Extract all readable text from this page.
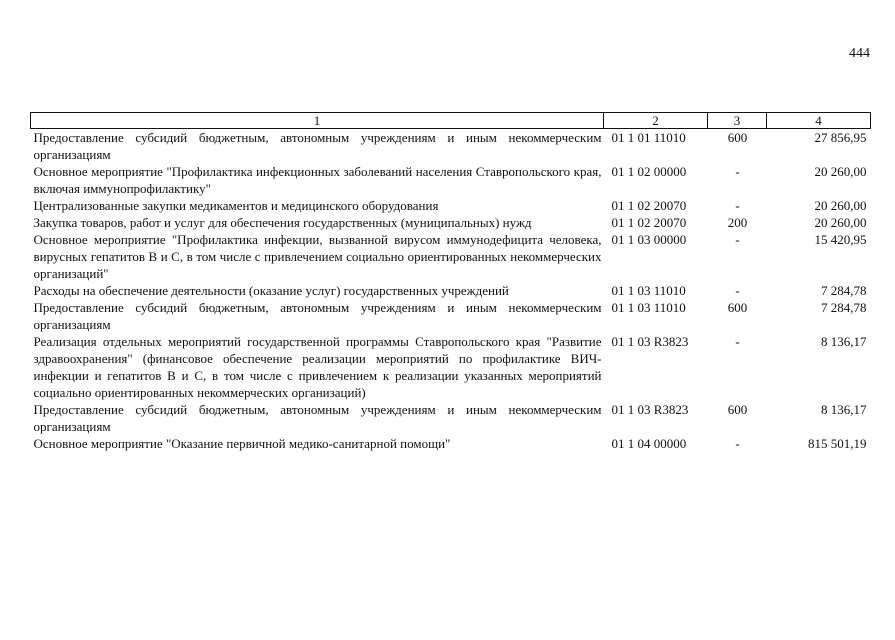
444
1	2	3	4
Предоставление субсидий бюджетным, автономным учреждениям и иным некоммерческим организациям	01 1 01 11010	600	27 856,95
Основное мероприятие "Профилактика инфекционных заболеваний населения Ставропольского края, включая иммунопрофилактику"	01 1 02 00000	-	20 260,00
Централизованные закупки медикаментов и медицинского оборудования	01 1 02 20070	-	20 260,00
Закупка товаров, работ и услуг для обеспечения государственных (муниципальных) нужд	01 1 02 20070	200	20 260,00
Основное мероприятие "Профилактика инфекции, вызванной вирусом иммунодефицита человека, вирусных гепатитов В и С, в том числе с привлечением социально ориентированных некоммерческих организаций"	01 1 03 00000	-	15 420,95
Расходы на обеспечение деятельности (оказание услуг) государственных учреждений	01 1 03 11010	-	7 284,78
Предоставление субсидий бюджетным, автономным учреждениям и иным некоммерческим организациям	01 1 03 11010	600	7 284,78
Реализация отдельных мероприятий государственной программы Ставропольского края "Развитие здравоохранения" (финансовое обеспечение реализации мероприятий по профилактике ВИЧ-инфекции и гепатитов В и С, в том числе с привлечением к реализации указанных мероприятий социально ориентированных некоммерческих организаций)	01 1 03 R3823	-	8 136,17
Предоставление субсидий бюджетным, автономным учреждениям и иным некоммерческим организациям	01 1 03 R3823	600	8 136,17
Основное мероприятие "Оказание первичной медико-санитарной помощи"	01 1 04 00000	-	815 501,19
